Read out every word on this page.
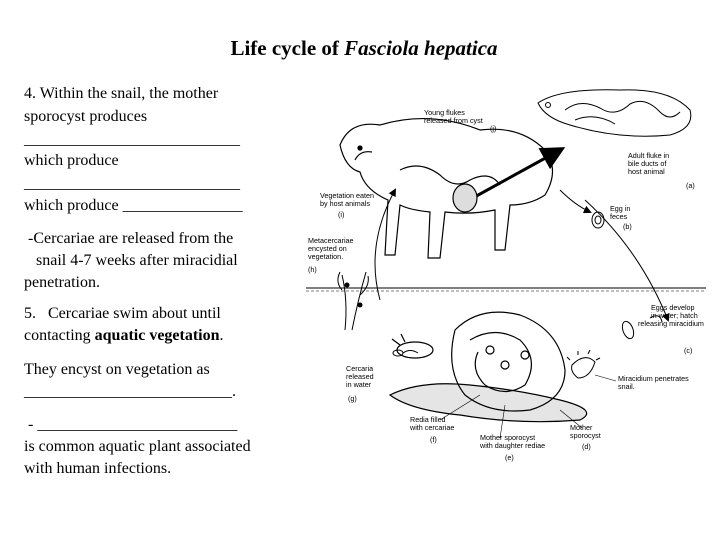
Life cycle of Fasciola hepatica
4. Within the snail, the mother
sporocyst produces
___________________________
which produce
___________________________
which produce _______________
-Cercariae are released from the
snail 4-7 weeks after miracidial
penetration.
5.   Cercariae swim about until
contacting aquatic vegetation.
They encyst on vegetation as
__________________________.
- _________________________
is common aquatic plant associated
with human infections.
Young flukes
released from cyst
(j)
Adult fluke in
bile ducts of
host animal
(a)
Vegetation eaten
by host animals
(i)
Egg in
feces
(b)
Metacercariae
encysted on
vegetation.
(h)
Eggs develop
in water; hatch
releasing miracidium
(c)
Cercaria
released
in water
(g)
Miracidium penetrates
snail.
Redia filled
with cercariae
(f)	Mother sporocyst
with daughter rediae
(e)
Mother
sporocyst
(d)
